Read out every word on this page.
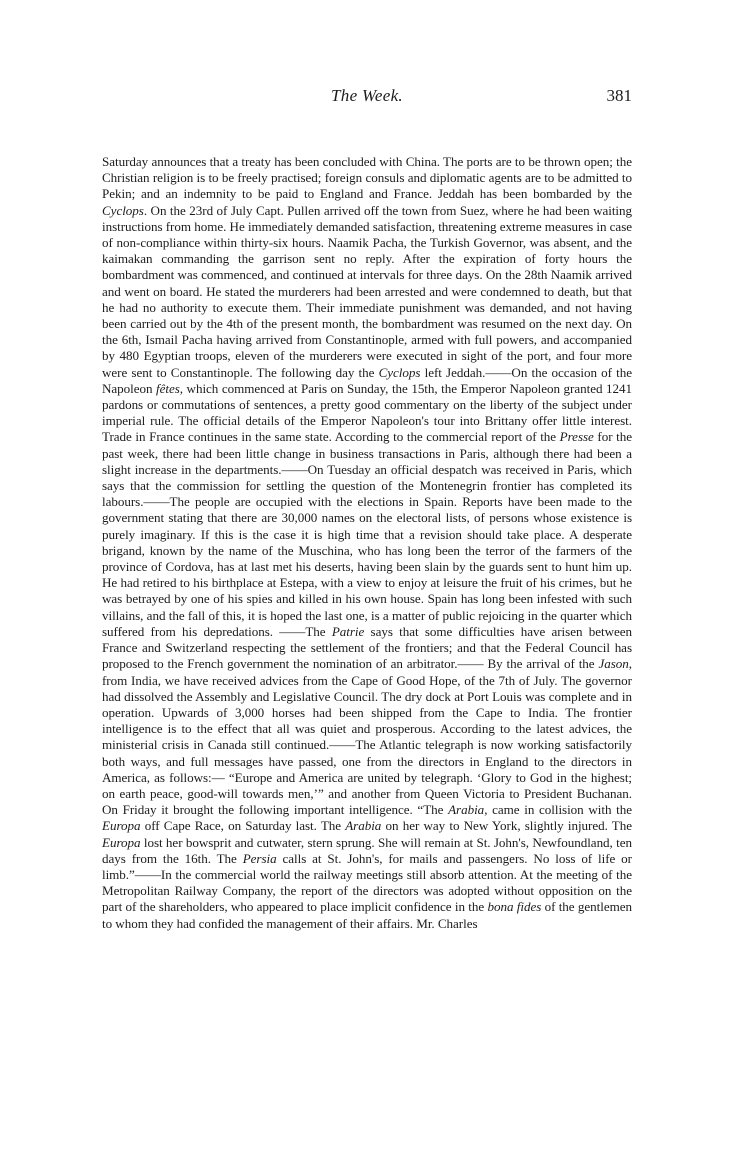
The Week.	381

Saturday announces that a treaty has been concluded with China. The ports are to be thrown open; the Christian religion is to be freely practised; foreign consuls and diplomatic agents are to be admitted to Pekin; and an indemnity to be paid to England and France. Jeddah has been bombarded by the Cyclops. On the 23rd of July Capt. Pullen arrived off the town from Suez, where he had been waiting instructions from home. He immediately demanded satisfaction, threatening extreme measures in case of non-compliance within thirty-six hours. Naamik Pacha, the Turkish Governor, was absent, and the kaimakan commanding the garrison sent no reply. After the expiration of forty hours the bombardment was commenced, and continued at intervals for three days. On the 28th Naamik arrived and went on board. He stated the murderers had been arrested and were condemned to death, but that he had no authority to execute them. Their immediate punishment was demanded, and not having been carried out by the 4th of the present month, the bombardment was resumed on the next day. On the 6th, Ismail Pacha having arrived from Constantinople, armed with full powers, and accompanied by 480 Egyptian troops, eleven of the murderers were executed in sight of the port, and four more were sent to Constantinople. The following day the Cyclops left Jeddah.——On the occasion of the Napoleon fêtes, which commenced at Paris on Sunday, the 15th, the Emperor Napoleon granted 1241 pardons or commutations of sentences, a pretty good commentary on the liberty of the subject under imperial rule. The official details of the Emperor Napoleon's tour into Brittany offer little interest. Trade in France continues in the same state. According to the commercial report of the Presse for the past week, there had been little change in business transactions in Paris, although there had been a slight increase in the departments.——On Tuesday an official despatch was received in Paris, which says that the commission for settling the question of the Montenegrin frontier has completed its labours.——The people are occupied with the elections in Spain. Reports have been made to the government stating that there are 30,000 names on the electoral lists, of persons whose existence is purely imaginary. If this is the case it is high time that a revision should take place. A desperate brigand, known by the name of the Muschina, who has long been the terror of the farmers of the province of Cordova, has at last met his deserts, having been slain by the guards sent to hunt him up. He had retired to his birthplace at Estepa, with a view to enjoy at leisure the fruit of his crimes, but he was betrayed by one of his spies and killed in his own house. Spain has long been infested with such villains, and the fall of this, it is hoped the last one, is a matter of public rejoicing in the quarter which suffered from his depredations. ——The Patrie says that some difficulties have arisen between France and Switzerland respecting the settlement of the frontiers; and that the Federal Council has proposed to the French government the nomination of an arbitrator.—— By the arrival of the Jason, from India, we have received advices from the Cape of Good Hope, of the 7th of July. The governor had dissolved the Assembly and Legislative Council. The dry dock at Port Louis was complete and in operation. Upwards of 3,000 horses had been shipped from the Cape to India. The frontier intelligence is to the effect that all was quiet and prosperous. According to the latest advices, the ministerial crisis in Canada still continued.——The Atlantic telegraph is now working satisfactorily both ways, and full messages have passed, one from the directors in England to the directors in America, as follows:— “Europe and America are united by telegraph. ‘Glory to God in the highest; on earth peace, good-will towards men,’” and another from Queen Victoria to President Buchanan. On Friday it brought the following important intelligence. “The Arabia, came in collision with the Europa off Cape Race, on Saturday last. The Arabia on her way to New York, slightly injured. The Europa lost her bowsprit and cutwater, stern sprung. She will remain at St. John's, Newfoundland, ten days from the 16th. The Persia calls at St. John's, for mails and passengers. No loss of life or limb.”——In the commercial world the railway meetings still absorb attention. At the meeting of the Metropolitan Railway Company, the report of the directors was adopted without opposition on the part of the shareholders, who appeared to place implicit confidence in the bona fides of the gentlemen to whom they had confided the management of their affairs. Mr. Charles
